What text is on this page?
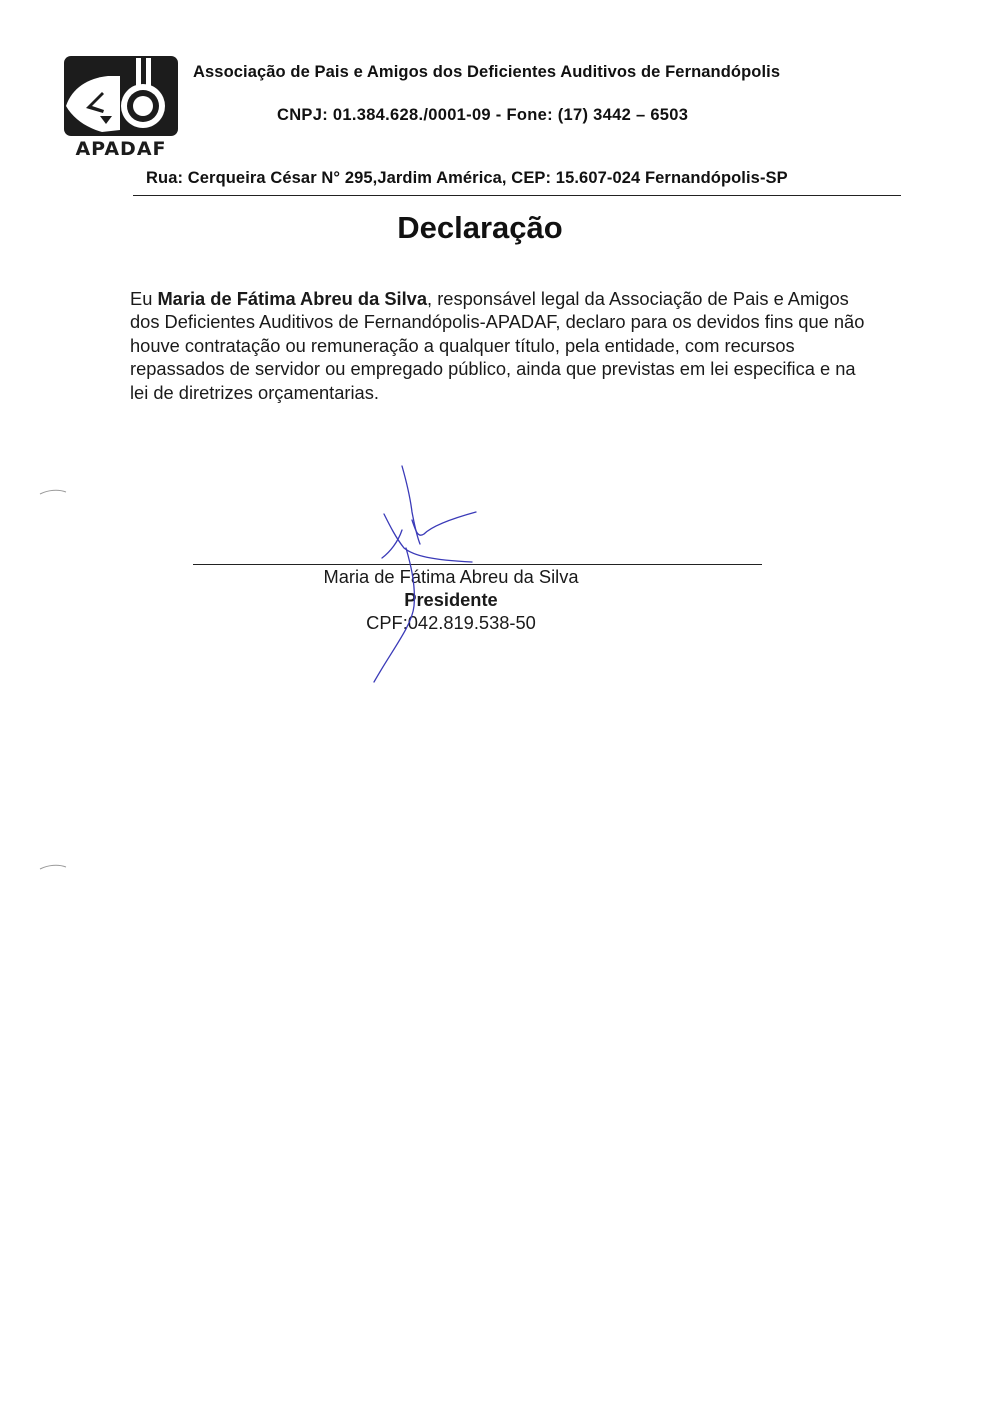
APADAF
Associação de Pais e Amigos dos Deficientes Auditivos de Fernandópolis
CNPJ: 01.384.628./0001-09 - Fone: (17) 3442 – 6503
Rua: Cerqueira César N° 295,Jardim América, CEP: 15.607-024 Fernandópolis-SP
Declaração
Eu Maria de Fátima Abreu da Silva, responsável legal da Associação de Pais e Amigos dos Deficientes Auditivos de Fernandópolis-APADAF, declaro para os devidos fins que não houve contratação ou remuneração a qualquer título, pela entidade, com recursos repassados de servidor ou empregado público, ainda que previstas em lei especifica e na lei de diretrizes orçamentarias.
Maria de Fátima Abreu da Silva
Presidente
CPF:042.819.538-50
